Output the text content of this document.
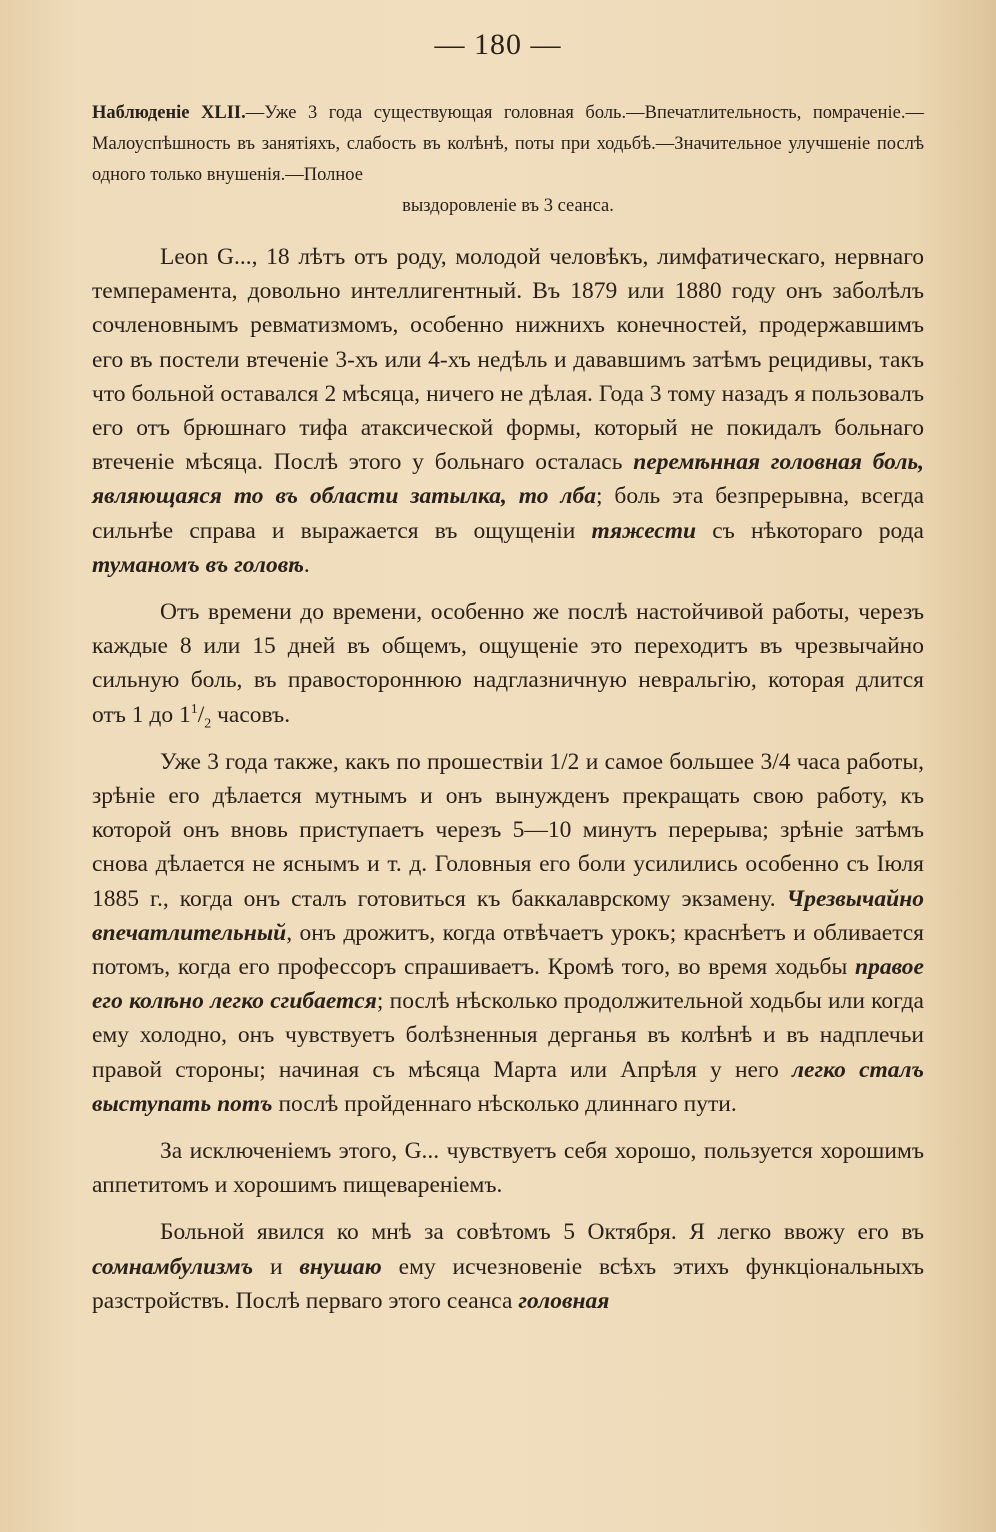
— 180 —
Наблюденіе XLII.—Уже 3 года существующая головная боль.—Впечатлительность, помраченіе.—Малоуспѣшность въ занятіяхъ, слабость въ колѣнѣ, поты при ходьбѣ.—Значительное улучшеніе послѣ одного только внушенія.—Полное
выздоровленіе въ 3 сеанса.

Leon G..., 18 лѣтъ отъ роду, молодой человѣкъ, лимфатическаго, нервнаго темперамента, довольно интеллигентный. Въ 1879 или 1880 году онъ заболѣлъ сочленовнымъ ревматизмомъ, особенно нижнихъ конечностей, продержавшимъ его въ постели втеченіе 3-хъ или 4-хъ недѣль и дававшимъ затѣмъ рецидивы, такъ что больной оставался 2 мѣсяца, ничего не дѣлая. Года 3 тому назадъ я пользовалъ его отъ брюшнаго тифа атаксической формы, который не покидалъ больнаго втеченіе мѣсяца. Послѣ этого у больнаго осталась перемѣнная головная боль, являющаяся то въ области затылка, то лба; боль эта безпрерывна, всегда сильнѣе справа и выражается въ ощущеніи тяжести съ нѣкотораго рода туманомъ въ головѣ.

Отъ времени до времени, особенно же послѣ настойчивой работы, черезъ каждые 8 или 15 дней въ общемъ, ощущеніе это переходитъ въ чрезвычайно сильную боль, въ правостороннюю надглазничную невральгію, которая длится отъ 1 до $1^1/_2$ часовъ.

Уже 3 года также, какъ по прошествіи 1/2 и самое большее 3/4 часа работы, зрѣніе его дѣлается мутнымъ и онъ вынужденъ прекращать свою работу, къ которой онъ вновь приступаетъ черезъ 5—10 минутъ перерыва; зрѣніе затѣмъ снова дѣлается не яснымъ и т. д. Головныя его боли усилились особенно съ Іюля 1885 г., когда онъ сталъ готовиться къ баккалаврскому экзамену. Чрезвычайно впечатлительный, онъ дрожитъ, когда отвѣчаетъ урокъ; краснѣетъ и обливается потомъ, когда его профессоръ спрашиваетъ. Кромѣ того, во время ходьбы правое его колѣно легко сгибается; послѣ нѣсколько продолжительной ходьбы или когда ему холодно, онъ чувствуетъ болѣзненныя дерганья въ колѣнѣ и въ надплечьи правой стороны; начиная съ мѣсяца Марта или Апрѣля у него легко сталъ выступать потъ послѣ пройденнаго нѣсколько длиннаго пути.

За исключеніемъ этого, G... чувствуетъ себя хорошо, пользуется хорошимъ аппетитомъ и хорошимъ пищевареніемъ.

Больной явился ко мнѣ за совѣтомъ 5 Октября. Я легко ввожу его въ сомнамбулизмъ и внушаю ему исчезновеніе всѣхъ этихъ функціональныхъ разстройствъ. Послѣ перваго этого сеанса головная
